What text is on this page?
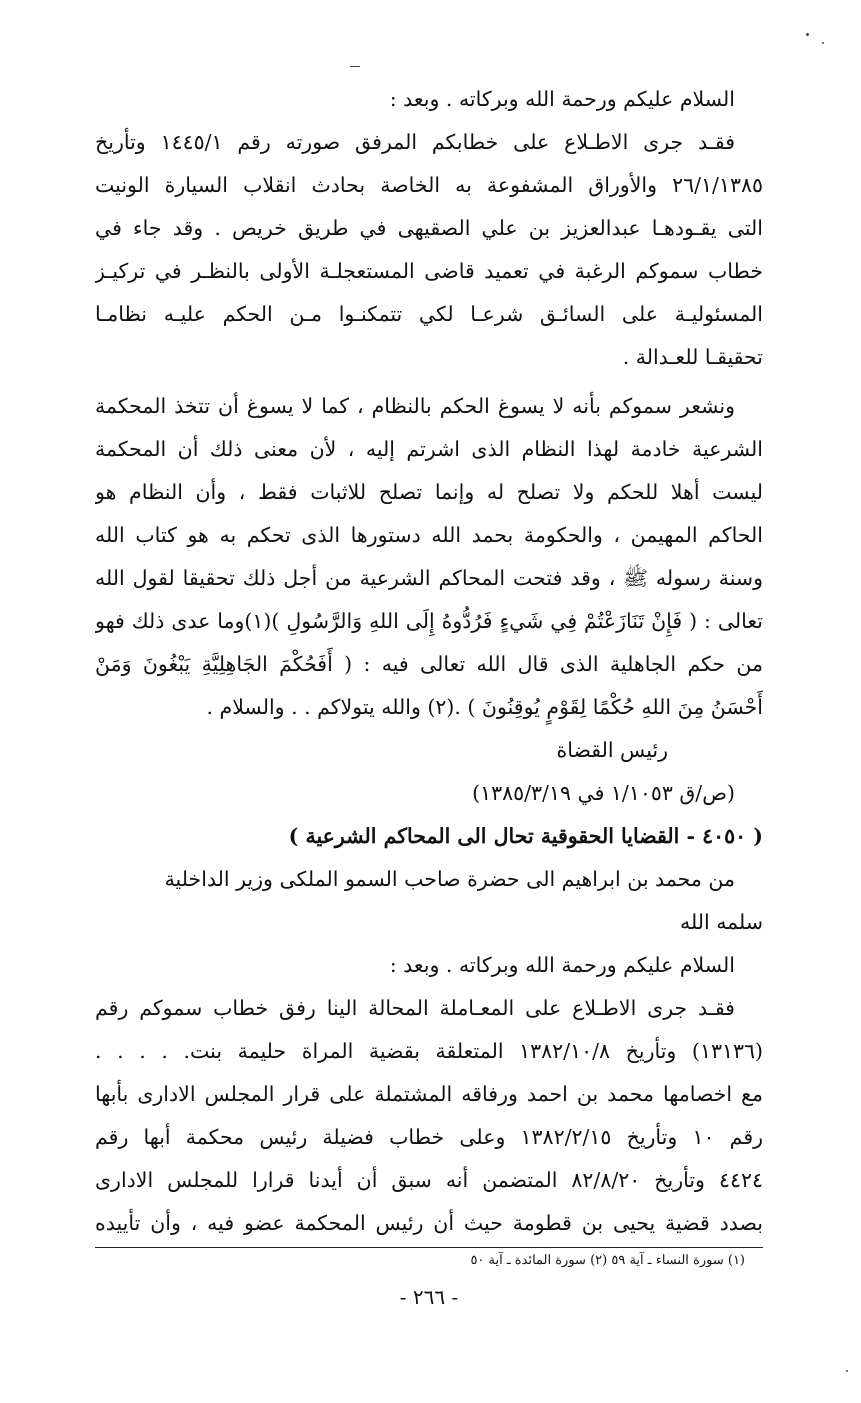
السلام عليكم ورحمة الله وبركاته . وبعد :
فقـد جرى الاطـلاع على خطابكم المرفق صورته رقم ١٤٤٥/١ وتأريخ
٢٦/١/١٣٨٥ والأوراق المشفوعة به الخاصة بحادث انقلاب السيارة الونيت
التى يقـودهـا عبدالعزيز بن علي الصقيهى في طريق خريص . وقد جاء في
خطاب سموكم الرغبة في تعميد قاضى المستعجلـة الأولى بالنظـر في تركيـز
المسئوليـة على السائـق شرعـا لكي تتمكنـوا مـن الحكم عليـه نظامـا
تحقيقـا للعـدالة .
ونشعر سموكم بأنه لا يسوغ الحكم بالنظام ، كما لا يسوغ أن تتخذ المحكمة
الشرعية خادمة لهذا النظام الذى اشرتم إليه ، لأن معنى ذلك أن المحكمة
ليست أهلا للحكم ولا تصلح له وإنما تصلح للاثبات فقط ، وأن النظام هو
الحاكم المهيمن ، والحكومة بحمد الله دستورها الذى تحكم به هو كتاب الله
وسنة رسوله ﷺ ، وقد فتحت المحاكم الشرعية من أجل ذلك تحقيقا لقول الله
تعالى : ( فَإِنْ تَنَازَعْتُمْ فِي شَيءٍ فَرُدُّوهُ إِلَى اللهِ وَالرَّسُولِ )(١)وما عدى ذلك فهو
من حكم الجاهلية الذى قال الله تعالى فيه : ( أَفَحُكْمَ الجَاهِلِيَّةِ يَبْغُونَ وَمَنْ
أَحْسَنُ مِنَ اللهِ حُكْمًا لِقَوْمٍ يُوقِنُونَ ) .(٢) والله يتولاكم . . والسلام .
رئيس القضاة
(ص/ق ١/١٠٥٣ في ١٣٨٥/٣/١٩)
( ٤٠٥٠ - القضايا الحقوقية تحال الى المحاكم الشرعية )
من محمد بن ابراهيم الى حضرة صاحب السمو الملكى وزير الداخلية
سلمه الله
السلام عليكم ورحمة الله وبركاته . وبعد :
فقـد جرى الاطـلاع على المعـاملة المحالة الينا رفق خطاب سموكم رقم
(١٣١٣٦) وتأريخ ١٣٨٢/١٠/٨ المتعلقة بقضية المراة حليمة بنت. . . . .
مع اخصامها محمد بن احمد ورفاقه المشتملة على قرار المجلس الادارى بأبها
رقم ١٠ وتأريخ ١٣٨٢/٢/١٥ وعلى خطاب فضيلة رئيس محكمة أبها رقم
٤٤٢٤ وتأريخ ٨٢/٨/٢٠ المتضمن أنه سبق أن أيدنا قرارا للمجلس الادارى
بصدد قضية يحيى بن قطومة حيث أن رئيس المحكمة عضو فيه ، وأن تأييده
(١) سورة النساء ـ آية ٥٩ (٢) سورة المائدة ـ آية ٥٠
- ٢٦٦ -
